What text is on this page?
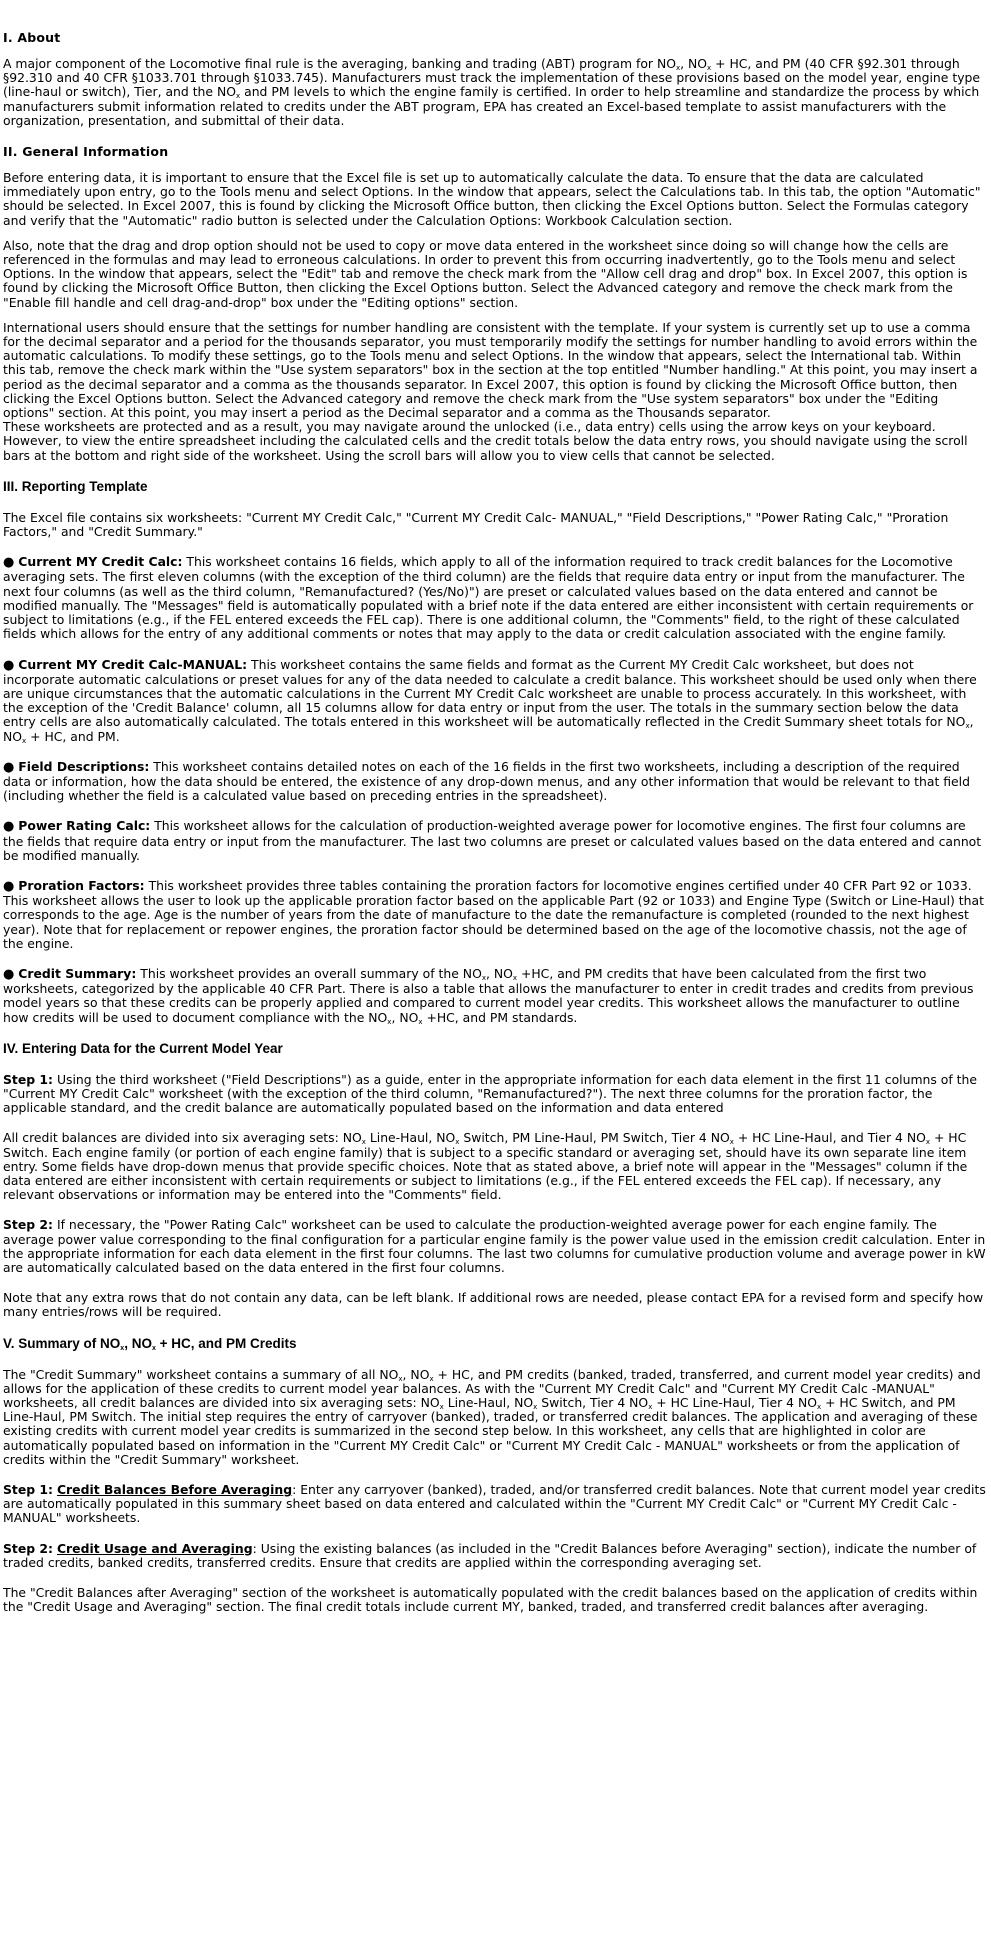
I. About

A major component of the Locomotive final rule is the averaging, banking and trading (ABT) program for $NO_x$, $NO_x$ + HC, and PM (40 CFR §92.301 through §92.310 and 40 CFR §1033.701 through §1033.745). Manufacturers must track the implementation of these provisions based on the model year, engine type (line-haul or switch), Tier, and the $NO_x$ and PM levels to which the engine family is certified. In order to help streamline and standardize the process by which manufacturers submit information related to credits under the ABT program, EPA has created an Excel-based template to assist manufacturers with the organization, presentation, and submittal of their data.

II. General Information

Before entering data, it is important to ensure that the Excel file is set up to automatically calculate the data. To ensure that the data are calculated immediately upon entry, go to the Tools menu and select Options. In the window that appears, select the Calculations tab. In this tab, the option "Automatic" should be selected. In Excel 2007, this is found by clicking the Microsoft Office button, then clicking the Excel Options button. Select the Formulas category and verify that the "Automatic" radio button is selected under the Calculation Options: Workbook Calculation section.

Also, note that the drag and drop option should not be used to copy or move data entered in the worksheet since doing so will change how the cells are referenced in the formulas and may lead to erroneous calculations. In order to prevent this from occurring inadvertently, go to the Tools menu and select Options. In the window that appears, select the "Edit" tab and remove the check mark from the "Allow cell drag and drop" box. In Excel 2007, this option is found by clicking the Microsoft Office Button, then clicking the Excel Options button. Select the Advanced category and remove the check mark from the "Enable fill handle and cell drag-and-drop" box under the "Editing options" section.

International users should ensure that the settings for number handling are consistent with the template. If your system is currently set up to use a comma for the decimal separator and a period for the thousands separator, you must temporarily modify the settings for number handling to avoid errors within the automatic calculations. To modify these settings, go to the Tools menu and select Options. In the window that appears, select the International tab. Within this tab, remove the check mark within the "Use system separators" box in the section at the top entitled "Number handling." At this point, you may insert a period as the decimal separator and a comma as the thousands separator. In Excel 2007, this option is found by clicking the Microsoft Office button, then clicking the Excel Options button. Select the Advanced category and remove the check mark from the "Use system separators" box under the "Editing options" section. At this point, you may insert a period as the Decimal separator and a comma as the Thousands separator.

These worksheets are protected and as a result, you may navigate around the unlocked (i.e., data entry) cells using the arrow keys on your keyboard. However, to view the entire spreadsheet including the calculated cells and the credit totals below the data entry rows, you should navigate using the scroll bars at the bottom and right side of the worksheet. Using the scroll bars will allow you to view cells that cannot be selected.

III. Reporting Template

The Excel file contains six worksheets: "Current MY Credit Calc," "Current MY Credit Calc- MANUAL," "Field Descriptions," "Power Rating Calc," "Proration Factors," and "Credit Summary."

● Current MY Credit Calc: This worksheet contains 16 fields, which apply to all of the information required to track credit balances for the Locomotive averaging sets. The first eleven columns (with the exception of the third column) are the fields that require data entry or input from the manufacturer. The next four columns (as well as the third column, "Remanufactured? (Yes/No)") are preset or calculated values based on the data entered and cannot be modified manually. The "Messages" field is automatically populated with a brief note if the data entered are either inconsistent with certain requirements or subject to limitations (e.g., if the FEL entered exceeds the FEL cap). There is one additional column, the "Comments" field, to the right of these calculated fields which allows for the entry of any additional comments or notes that may apply to the data or credit calculation associated with the engine family.

● Current MY Credit Calc-MANUAL: This worksheet contains the same fields and format as the Current MY Credit Calc worksheet, but does not incorporate automatic calculations or preset values for any of the data needed to calculate a credit balance. This worksheet should be used only when there are unique circumstances that the automatic calculations in the Current MY Credit Calc worksheet are unable to process accurately. In this worksheet, with the exception of the 'Credit Balance' column, all 15 columns allow for data entry or input from the user. The totals in the summary section below the data entry cells are also automatically calculated. The totals entered in this worksheet will be automatically reflected in the Credit Summary sheet totals for $NO_x$, $NO_x$ + HC, and PM.

● Field Descriptions: This worksheet contains detailed notes on each of the 16 fields in the first two worksheets, including a description of the required data or information, how the data should be entered, the existence of any drop-down menus, and any other information that would be relevant to that field (including whether the field is a calculated value based on preceding entries in the spreadsheet).

● Power Rating Calc: This worksheet allows for the calculation of production-weighted average power for locomotive engines. The first four columns are the fields that require data entry or input from the manufacturer. The last two columns are preset or calculated values based on the data entered and cannot be modified manually.

● Proration Factors: This worksheet provides three tables containing the proration factors for locomotive engines certified under 40 CFR Part 92 or 1033. This worksheet allows the user to look up the applicable proration factor based on the applicable Part (92 or 1033) and Engine Type (Switch or Line-Haul) that corresponds to the age. Age is the number of years from the date of manufacture to the date the remanufacture is completed (rounded to the next highest year). Note that for replacement or repower engines, the proration factor should be determined based on the age of the locomotive chassis, not the age of the engine.

● Credit Summary: This worksheet provides an overall summary of the $NO_x$, $NO_x +HC$, and PM credits that have been calculated from the first two worksheets, categorized by the applicable 40 CFR Part. There is also a table that allows the manufacturer to enter in credit trades and credits from previous model years so that these credits can be properly applied and compared to current model year credits. This worksheet allows the manufacturer to outline how credits will be used to document compliance with the $NO_x$, $NO_x +HC$, and PM standards.

IV. Entering Data for the Current Model Year

Step 1: Using the third worksheet ("Field Descriptions") as a guide, enter in the appropriate information for each data element in the first 11 columns of the "Current MY Credit Calc" worksheet (with the exception of the third column, "Remanufactured?"). The next three columns for the proration factor, the applicable standard, and the credit balance are automatically populated based on the information and data entered

All credit balances are divided into six averaging sets: $NO_x$ Line-Haul, $NO_x$ Switch, PM Line-Haul, PM Switch, Tier 4 $NO_x$ + HC Line-Haul, and Tier 4 $NO_x$ + HC Switch. Each engine family (or portion of each engine family) that is subject to a specific standard or averaging set, should have its own separate line item entry. Some fields have drop-down menus that provide specific choices. Note that as stated above, a brief note will appear in the "Messages" column if the data entered are either inconsistent with certain requirements or subject to limitations (e.g., if the FEL entered exceeds the FEL cap). If necessary, any relevant observations or information may be entered into the "Comments" field.

Step 2: If necessary, the "Power Rating Calc" worksheet can be used to calculate the production-weighted average power for each engine family. The average power value corresponding to the final configuration for a particular engine family is the power value used in the emission credit calculation. Enter in the appropriate information for each data element in the first four columns. The last two columns for cumulative production volume and average power in kW are automatically calculated based on the data entered in the first four columns.

Note that any extra rows that do not contain any data, can be left blank. If additional rows are needed, please contact EPA for a revised form and specify how many entries/rows will be required.

V. Summary of $NO_x$, $NO_x$ + HC, and PM Credits

The "Credit Summary" worksheet contains a summary of all $NO_x$, $NO_x$ + HC, and PM credits (banked, traded, transferred, and current model year credits) and allows for the application of these credits to current model year balances. As with the "Current MY Credit Calc" and "Current MY Credit Calc -MANUAL" worksheets, all credit balances are divided into six averaging sets: $NO_x$ Line-Haul, $NO_x$ Switch, Tier 4 $NO_x$ + HC Line-Haul, Tier 4 $NO_x$ + HC Switch, and PM Line-Haul, PM Switch. The initial step requires the entry of carryover (banked), traded, or transferred credit balances. The application and averaging of these existing credits with current model year credits is summarized in the second step below. In this worksheet, any cells that are highlighted in color are automatically populated based on information in the "Current MY Credit Calc" or "Current MY Credit Calc - MANUAL" worksheets or from the application of credits within the "Credit Summary" worksheet.

Step 1: Credit Balances Before Averaging: Enter any carryover (banked), traded, and/or transferred credit balances. Note that current model year credits are automatically populated in this summary sheet based on data entered and calculated within the "Current MY Credit Calc" or "Current MY Credit Calc - MANUAL" worksheets.

Step 2: Credit Usage and Averaging: Using the existing balances (as included in the "Credit Balances before Averaging" section), indicate the number of traded credits, banked credits, transferred credits. Ensure that credits are applied within the corresponding averaging set.

The "Credit Balances after Averaging" section of the worksheet is automatically populated with the credit balances based on the application of credits within the "Credit Usage and Averaging" section. The final credit totals include current MY, banked, traded, and transferred credit balances after averaging.
